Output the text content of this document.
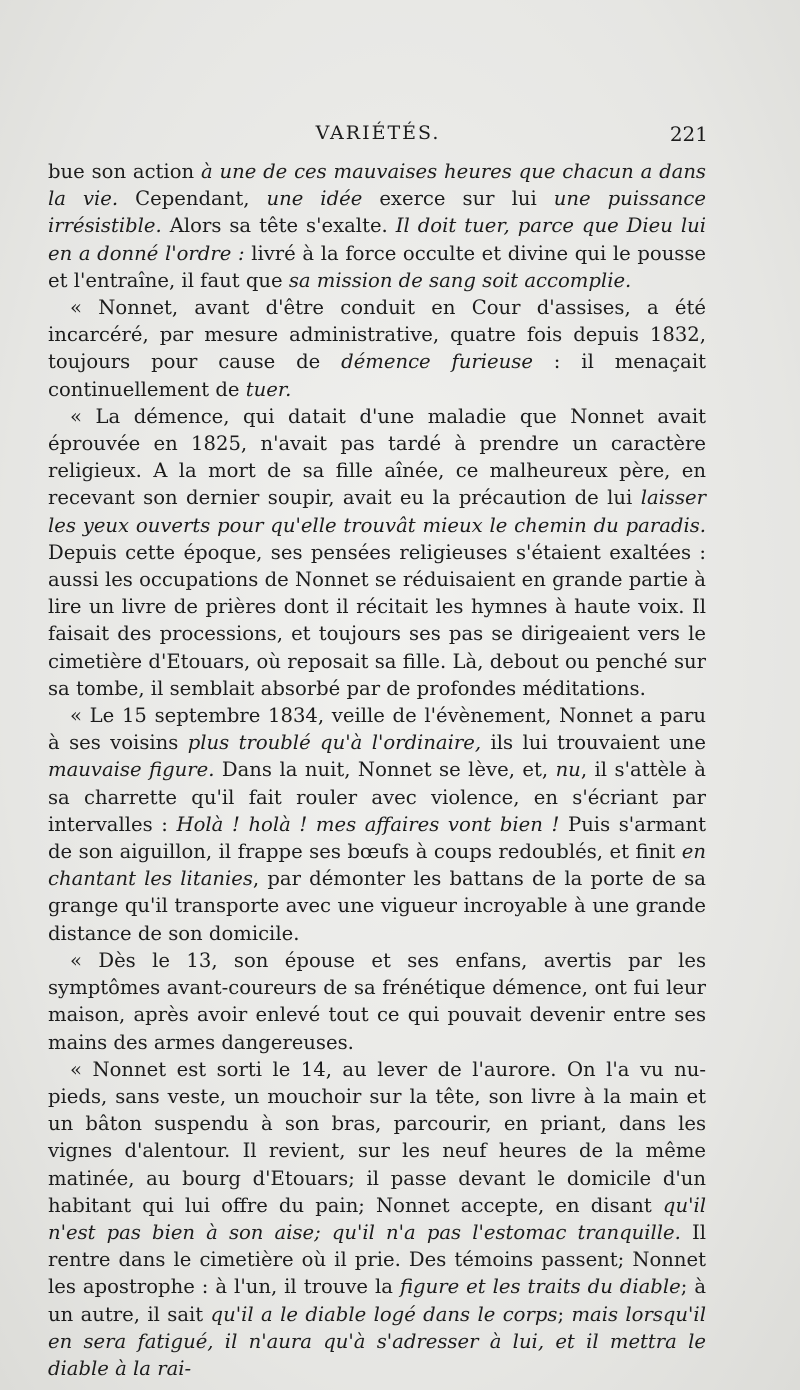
VARIÉTÉS.	221

bue son action à une de ces mauvaises heures que chacun a dans la vie. Cependant, une idée exerce sur lui une puissance irrésistible. Alors sa tête s'exalte. Il doit tuer, parce que Dieu lui en a donné l'ordre : livré à la force occulte et divine qui le pousse et l'entraîne, il faut que sa mission de sang soit accomplie.

« Nonnet, avant d'être conduit en Cour d'assises, a été incarcéré, par mesure administrative, quatre fois depuis 1832, toujours pour cause de démence furieuse : il menaçait continuellement de tuer.

« La démence, qui datait d'une maladie que Nonnet avait éprouvée en 1825, n'avait pas tardé à prendre un caractère religieux. A la mort de sa fille aînée, ce malheureux père, en recevant son dernier soupir, avait eu la précaution de lui laisser les yeux ouverts pour qu'elle trouvât mieux le chemin du paradis. Depuis cette époque, ses pensées religieuses s'étaient exaltées : aussi les occupations de Nonnet se réduisaient en grande partie à lire un livre de prières dont il récitait les hymnes à haute voix. Il faisait des processions, et toujours ses pas se dirigeaient vers le cimetière d'Etouars, où reposait sa fille. Là, debout ou penché sur sa tombe, il semblait absorbé par de profondes méditations.

« Le 15 septembre 1834, veille de l'évènement, Nonnet a paru à ses voisins plus troublé qu'à l'ordinaire, ils lui trouvaient une mauvaise figure. Dans la nuit, Nonnet se lève, et, nu, il s'attèle à sa charrette qu'il fait rouler avec violence, en s'écriant par intervalles : Holà ! holà ! mes affaires vont bien ! Puis s'armant de son aiguillon, il frappe ses bœufs à coups redoublés, et finit en chantant les litanies, par démonter les battans de la porte de sa grange qu'il transporte avec une vigueur incroyable à une grande distance de son domicile.

« Dès le 13, son épouse et ses enfans, avertis par les symptômes avant-coureurs de sa frénétique démence, ont fui leur maison, après avoir enlevé tout ce qui pouvait devenir entre ses mains des armes dangereuses.

« Nonnet est sorti le 14, au lever de l'aurore. On l'a vu nu-pieds, sans veste, un mouchoir sur la tête, son livre à la main et un bâton suspendu à son bras, parcourir, en priant, dans les vignes d'alentour. Il revient, sur les neuf heures de la même matinée, au bourg d'Etouars; il passe devant le domicile d'un habitant qui lui offre du pain; Nonnet accepte, en disant qu'il n'est pas bien à son aise; qu'il n'a pas l'estomac tranquille. Il rentre dans le cimetière où il prie. Des témoins passent; Nonnet les apostrophe : à l'un, il trouve la figure et les traits du diable; à un autre, il sait qu'il a le diable logé dans le corps; mais lorsqu'il en sera fatigué, il n'aura qu'à s'adresser à lui, et il mettra le diable à la rai-
